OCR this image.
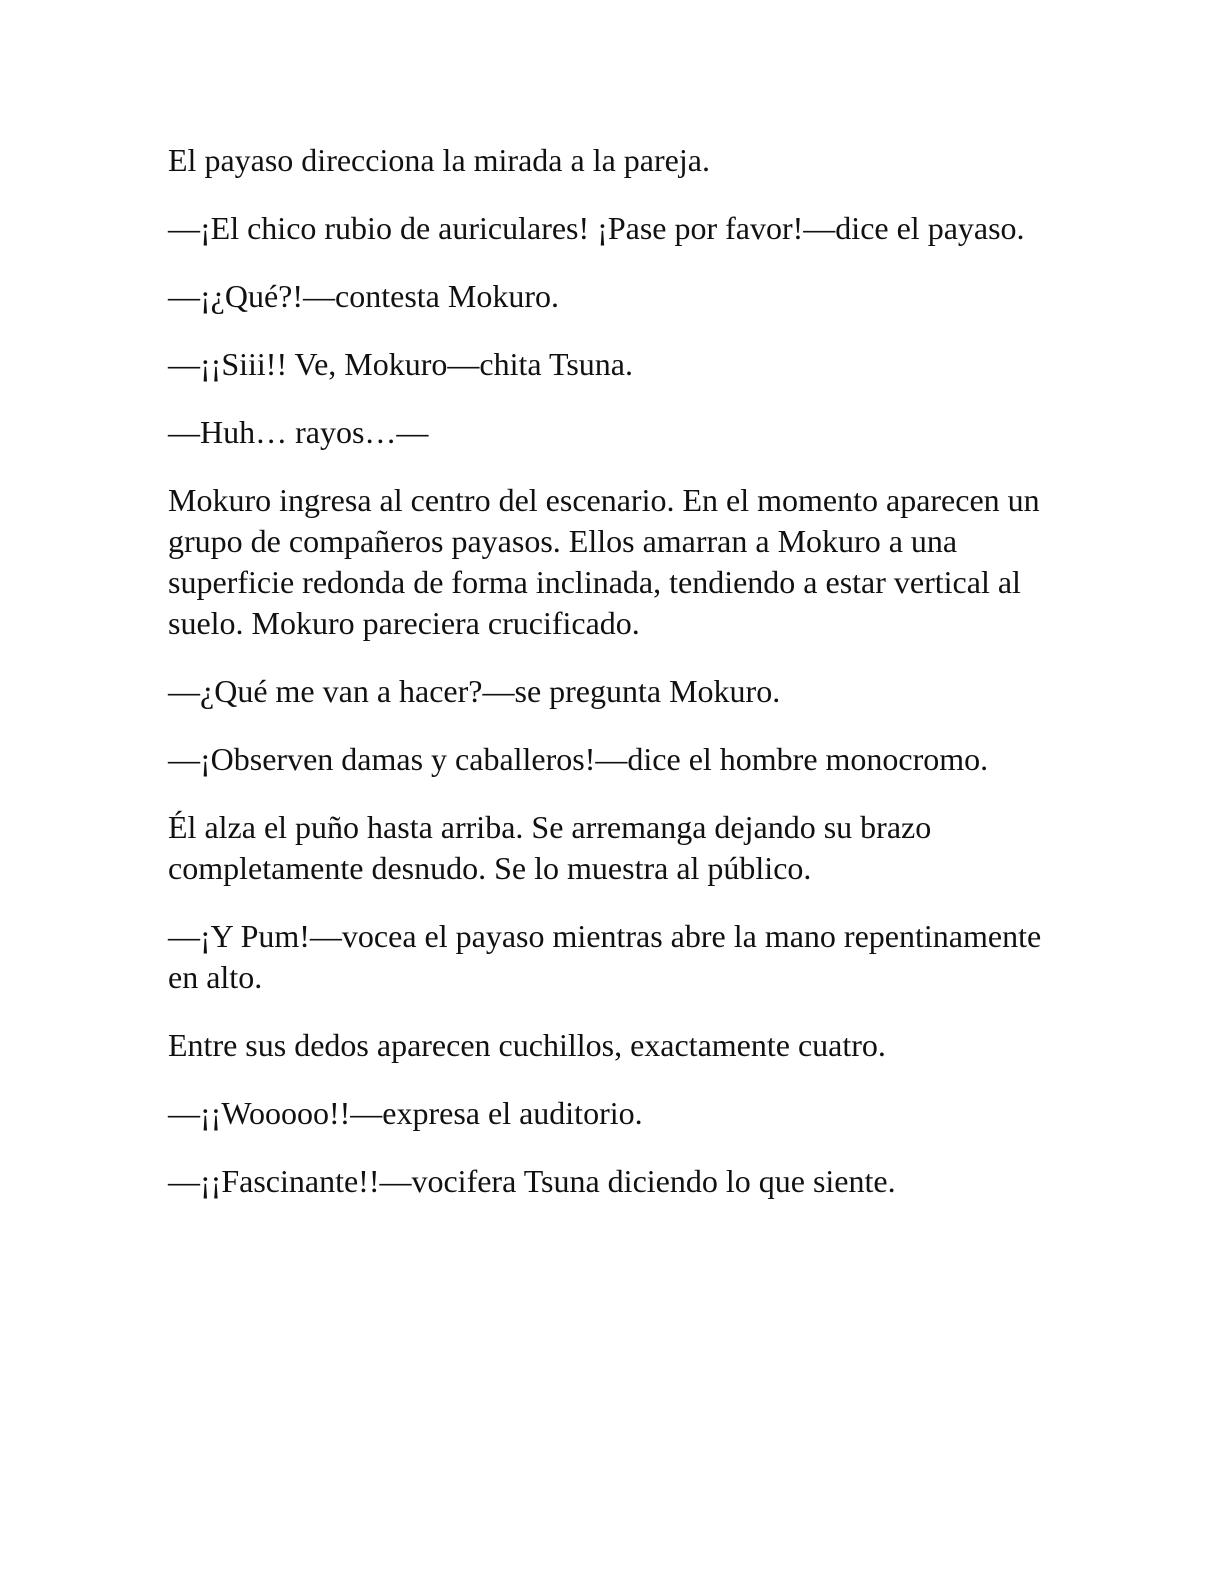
El payaso direcciona la mirada a la pareja.

—¡El chico rubio de auriculares! ¡Pase por favor!—dice el payaso.

—¡¿Qué?!—contesta Mokuro.

—¡¡Siii!! Ve, Mokuro—chita Tsuna.

—Huh… rayos…—

Mokuro ingresa al centro del escenario. En el momento aparecen un grupo de compañeros payasos. Ellos amarran a Mokuro a una superficie redonda de forma inclinada, tendiendo a estar vertical al suelo. Mokuro pareciera crucificado.

—¿Qué me van a hacer?—se pregunta Mokuro.

—¡Observen damas y caballeros!—dice el hombre monocromo.

Él alza el puño hasta arriba. Se arremanga dejando su brazo completamente desnudo. Se lo muestra al público.

—¡Y Pum!—vocea el payaso mientras abre la mano repentinamente en alto.

Entre sus dedos aparecen cuchillos, exactamente cuatro.

—¡¡Wooooo!!—expresa el auditorio.

—¡¡Fascinante!!—vocifera Tsuna diciendo lo que siente.
